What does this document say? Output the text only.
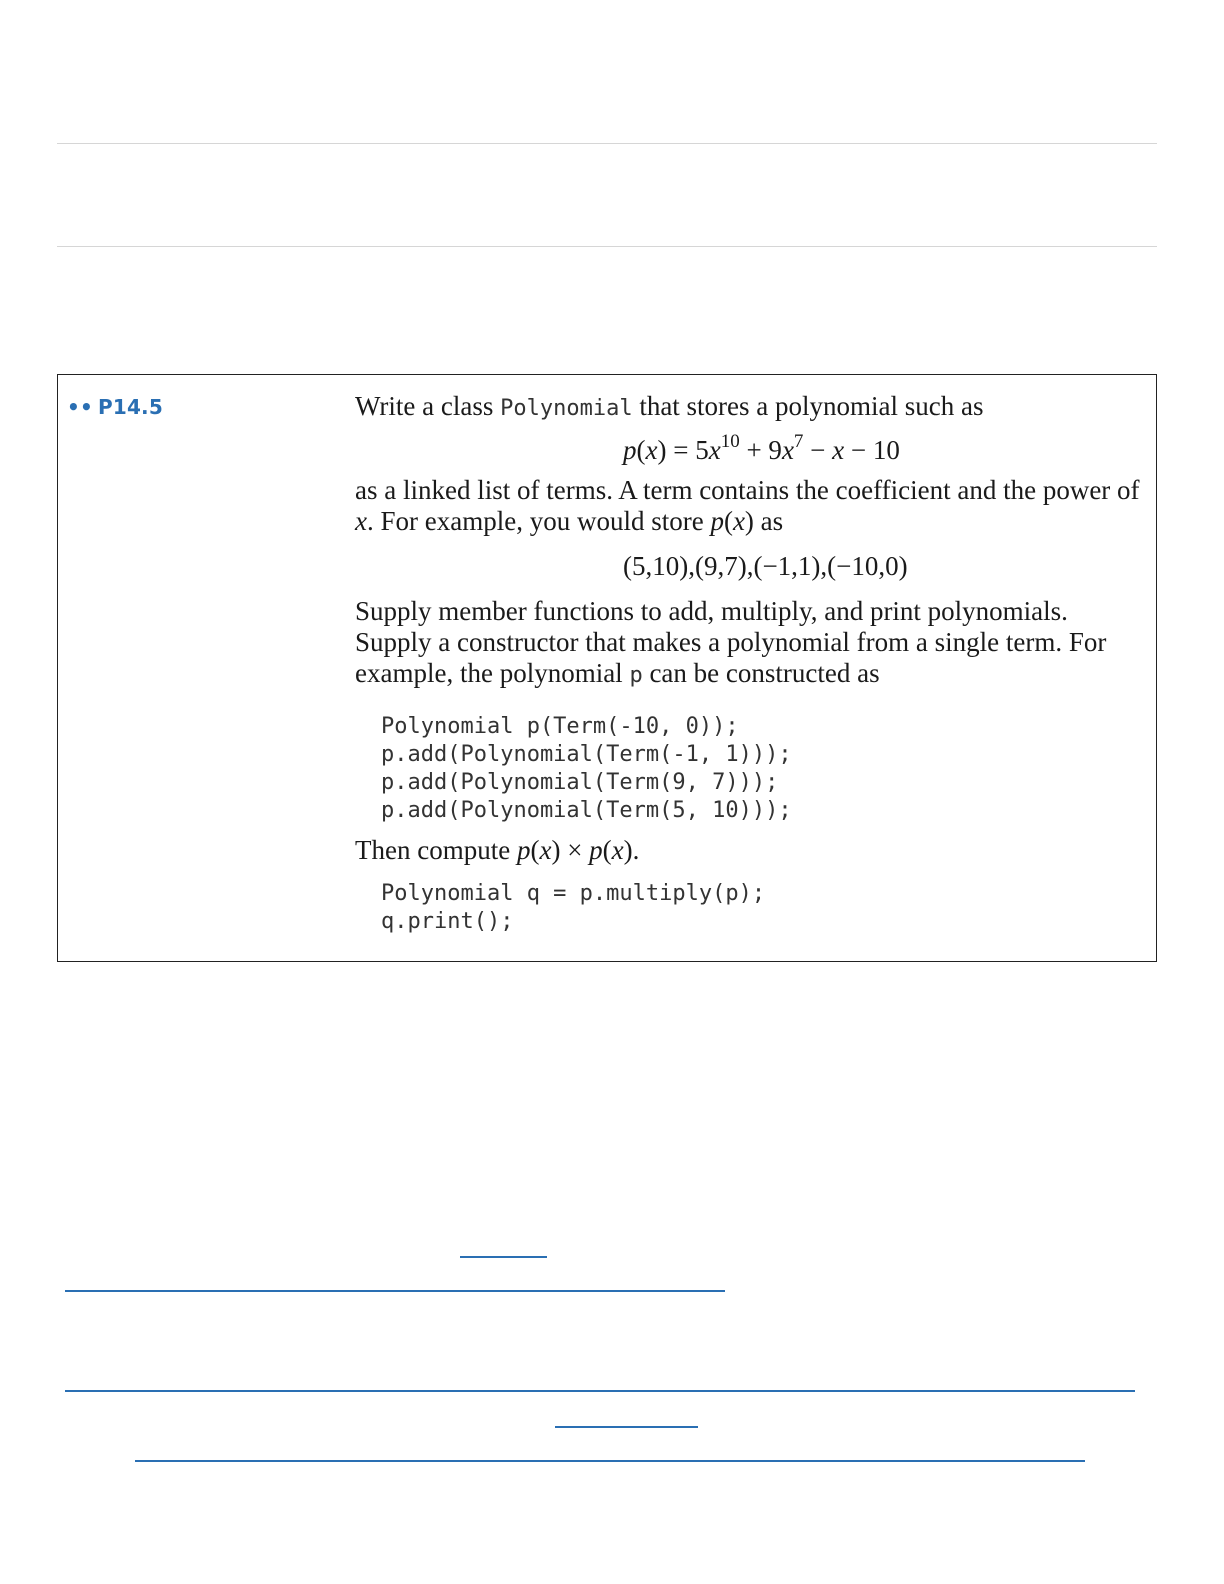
•• P14.5	Write a class Polynomial that stores a polynomial such as

$p(x) = 5x^{10} + 9x^7 - x - 10$

as a linked list of terms. A term contains the coefficient and the power of x. For example, you would store p(x) as

(5,10),(9,7),(−1,1),(−10,0)

Supply member functions to add, multiply, and print polynomials. Supply a constructor that makes a polynomial from a single term. For example, the polynomial p can be constructed as

Polynomial p(Term(-10, 0));
p.add(Polynomial(Term(-1, 1)));
p.add(Polynomial(Term(9, 7)));
p.add(Polynomial(Term(5, 10)));

Then compute p(x) × p(x).

Polynomial q = p.multiply(p);
q.print();
